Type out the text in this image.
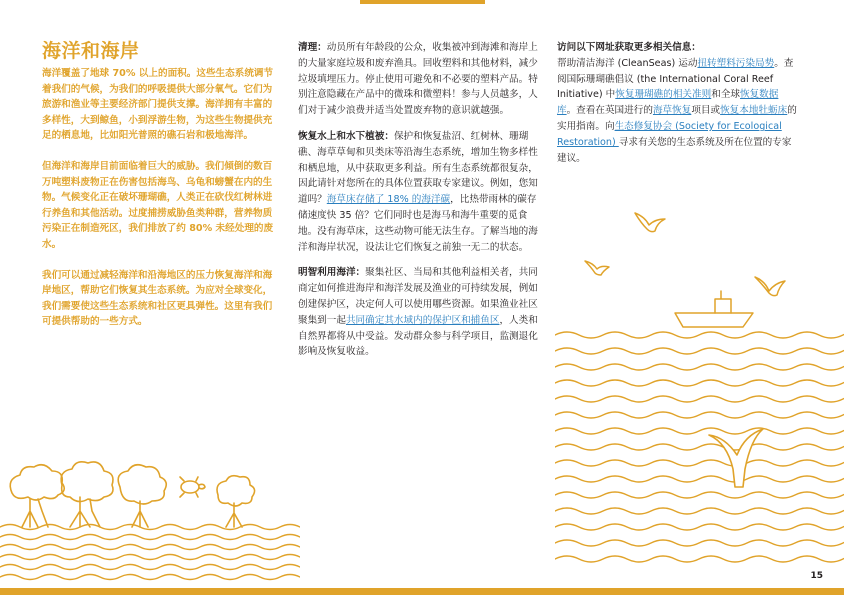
海洋和海岸

海洋覆盖了地球 70% 以上的面积。这些生态系统调节着我们的气候，为我们的呼吸提供大部分氧气。它们为旅游和渔业等主要经济部门提供支撑。海洋拥有丰富的多样性，大到鲸鱼，小到浮游生物，为这些生物提供充足的栖息地，比如阳光普照的礁石岩和极地海洋。

但海洋和海岸目前面临着巨大的威胁。我们倾倒的数百万吨塑料废物正在伤害包括海鸟、乌龟和螃蟹在内的生物。气候变化正在破坏珊瑚礁，人类正在砍伐红树林进行养鱼和其他活动。过度捕捞威胁鱼类种群，营养物质污染正在制造死区，我们排放了约 80% 未经处理的废水。

我们可以通过减轻海洋和沿海地区的压力恢复海洋和海岸地区，帮助它们恢复其生态系统。为应对全球变化，我们需要使这些生态系统和社区更具弹性。这里有我们可提供帮助的一些方式。

清理：动员所有年龄段的公众，收集被冲到海滩和海岸上的大量家庭垃圾和废弃渔具。回收塑料和其他材料，减少垃圾填埋压力。停止使用可避免和不必要的塑料产品。特别注意隐藏在产品中的微珠和微塑料！参与人员越多，人们对于减少浪费并适当处置废弃物的意识就越强。

恢复水上和水下植被：保护和恢复盐沼、红树林、珊瑚礁、海草草甸和贝类床等沿海生态系统，增加生物多样性和栖息地，从中获取更多利益。所有生态系统都很复杂，因此请针对您所在的具体位置获取专家建议。例如，您知道吗？海草床存储了 18% 的海洋碳，比热带雨林的碳存储速度快 35 倍？它们同时也是海马和海牛重要的觅食地。没有海草床，这些动物可能无法生存。了解当地的海洋和海岸状况，设法让它们恢复之前独一无二的状态。

明智利用海洋：聚集社区、当局和其他利益相关者，共同商定如何推进海岸和海洋发展及渔业的可持续发展，例如创建保护区，决定何人可以使用哪些资源。如果渔业社区聚集到一起共同确定其水域内的保护区和捕鱼区，人类和自然界都将从中受益。发动群众参与科学项目，监测退化影响及恢复收益。

访问以下网址获取更多相关信息：
帮助清洁海洋 (CleanSeas) 运动扭转塑料污染局势。查阅国际珊瑚礁倡议 (the International Coral Reef Initiative) 中恢复珊瑚礁的相关准则和全球恢复数据库。查看在英国进行的海草恢复项目或恢复本地牡蛎床的实用指南。向生态修复协会 (Society for Ecological Restoration) 寻求有关您的生态系统及所在位置的专家建议。

15
